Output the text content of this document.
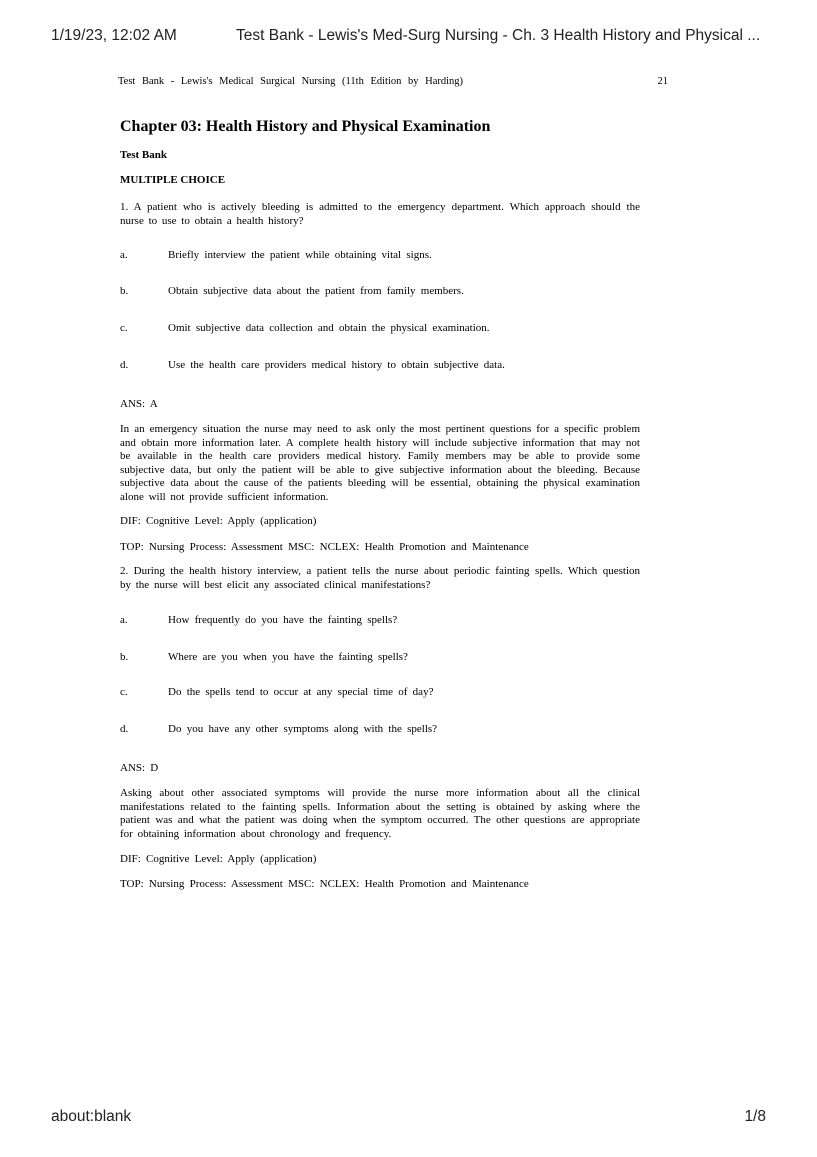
1/19/23, 12:02 AM	Test Bank - Lewis's Med-Surg Nursing - Ch. 3 Health History and Physical ...
Test Bank - Lewis's Medical Surgical Nursing (11th Edition by Harding)	21
Chapter 03: Health History and Physical Examination
Test Bank
MULTIPLE CHOICE
1. A patient who is actively bleeding is admitted to the emergency department. Which approach should the nurse to use to obtain a health history?
a.	Briefly interview the patient while obtaining vital signs.
b.	Obtain subjective data about the patient from family members.
c.	Omit subjective data collection and obtain the physical examination.
d.	Use the health care providers medical history to obtain subjective data.
ANS: A
In an emergency situation the nurse may need to ask only the most pertinent questions for a specific problem and obtain more information later. A complete health history will include subjective information that may not be available in the health care providers medical history. Family members may be able to provide some subjective data, but only the patient will be able to give subjective information about the bleeding. Because subjective data about the cause of the patients bleeding will be essential, obtaining the physical examination alone will not provide sufficient information.
DIF: Cognitive Level: Apply (application)
TOP: Nursing Process: Assessment MSC: NCLEX: Health Promotion and Maintenance
2. During the health history interview, a patient tells the nurse about periodic fainting spells. Which question by the nurse will best elicit any associated clinical manifestations?
a.	How frequently do you have the fainting spells?
b.	Where are you when you have the fainting spells?
c.	Do the spells tend to occur at any special time of day?
d.	Do you have any other symptoms along with the spells?
ANS: D
Asking about other associated symptoms will provide the nurse more information about all the clinical manifestations related to the fainting spells. Information about the setting is obtained by asking where the patient was and what the patient was doing when the symptom occurred. The other questions are appropriate for obtaining information about chronology and frequency.
DIF: Cognitive Level: Apply (application)
TOP: Nursing Process: Assessment MSC: NCLEX: Health Promotion and Maintenance
about:blank	1/8
